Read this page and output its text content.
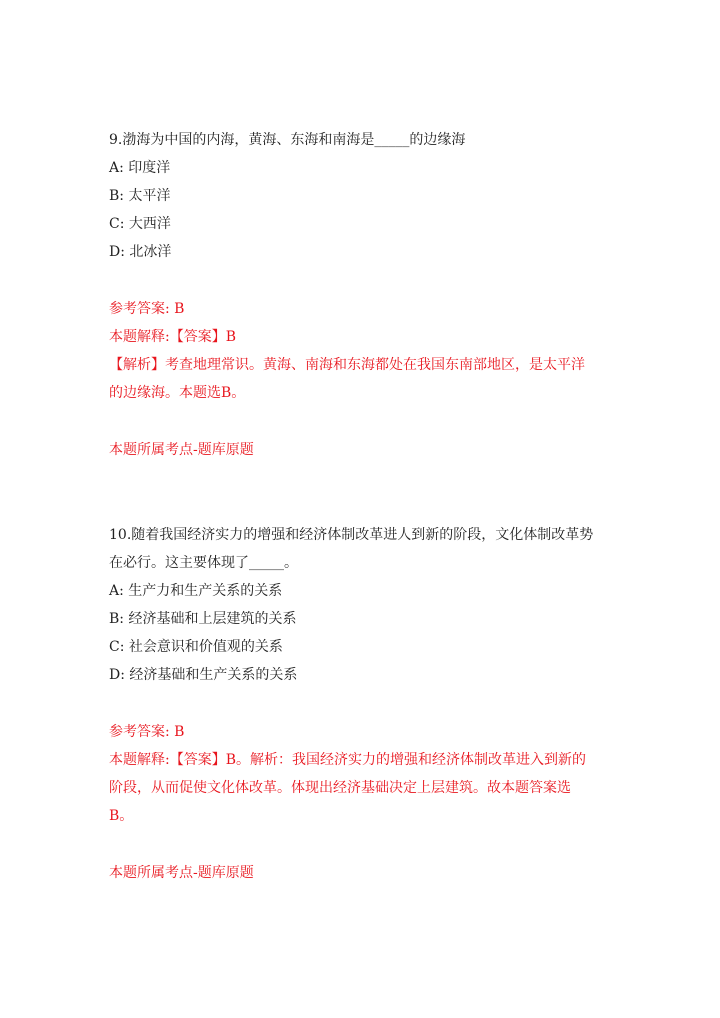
9.渤海为中国的内海，黄海、东海和南海是_____的边缘海
A: 印度洋
B: 太平洋
C: 大西洋
D: 北冰洋
参考答案: B
本题解释:【答案】B
【解析】考查地理常识。黄海、南海和东海都处在我国东南部地区，是太平洋
的边缘海。本题选B。
本题所属考点-题库原题
10.随着我国经济实力的增强和经济体制改革进人到新的阶段，文化体制改革势
在必行。这主要体现了_____。
A: 生产力和生产关系的关系
B: 经济基础和上层建筑的关系
C: 社会意识和价值观的关系
D: 经济基础和生产关系的关系
参考答案: B
本题解释:【答案】B。解析：我国经济实力的增强和经济体制改革进入到新的
阶段，从而促使文化体改革。体现出经济基础决定上层建筑。故本题答案选
B。
本题所属考点-题库原题
